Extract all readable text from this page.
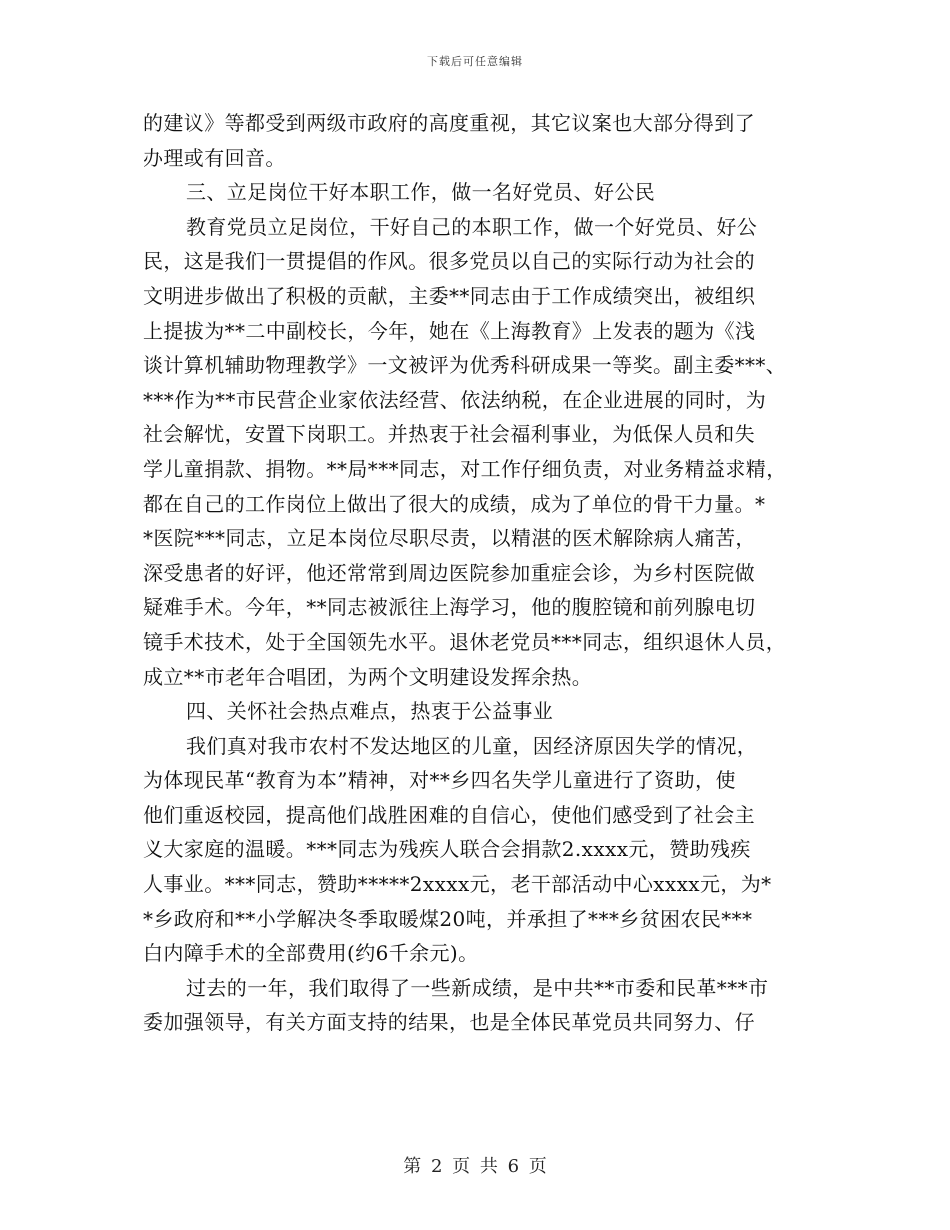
下载后可任意编辑
的建议》等都受到两级市政府的高度重视，其它议案也大部分得到了
办理或有回音。
三、立足岗位干好本职工作，做一名好党员、好公民
教育党员立足岗位，干好自己的本职工作，做一个好党员、好公
民，这是我们一贯提倡的作风。很多党员以自己的实际行动为社会的
文明进步做出了积极的贡献，主委**同志由于工作成绩突出，被组织
上提拔为**二中副校长，今年，她在《上海教育》上发表的题为《浅
谈计算机辅助物理教学》一文被评为优秀科研成果一等奖。副主委***、
***作为**市民营企业家依法经营、依法纳税，在企业进展的同时，为
社会解忧，安置下岗职工。并热衷于社会福利事业，为低保人员和失
学儿童捐款、捐物。**局***同志，对工作仔细负责，对业务精益求精，
都在自己的工作岗位上做出了很大的成绩，成为了单位的骨干力量。*
*医院***同志，立足本岗位尽职尽责，以精湛的医术解除病人痛苦，
深受患者的好评，他还常常到周边医院参加重症会诊，为乡村医院做
疑难手术。今年，**同志被派往上海学习，他的腹腔镜和前列腺电切
镜手术技术，处于全国领先水平。退休老党员***同志，组织退休人员，
成立**市老年合唱团，为两个文明建设发挥余热。
四、关怀社会热点难点，热衷于公益事业
我们真对我市农村不发达地区的儿童，因经济原因失学的情况，
为体现民革“教育为本”精神，对**乡四名失学儿童进行了资助，使
他们重返校园，提高他们战胜困难的自信心，使他们感受到了社会主
义大家庭的温暖。***同志为残疾人联合会捐款2.xxxx元，赞助残疾
人事业。***同志，赞助*****2xxxx元，老干部活动中心xxxx元，为*
*乡政府和**小学解决冬季取暖煤20吨，并承担了***乡贫困农民***
白内障手术的全部费用(约6千余元)。
过去的一年，我们取得了一些新成绩，是中共**市委和民革***市
委加强领导，有关方面支持的结果，也是全体民革党员共同努力、仔
第 2 页 共 6 页
